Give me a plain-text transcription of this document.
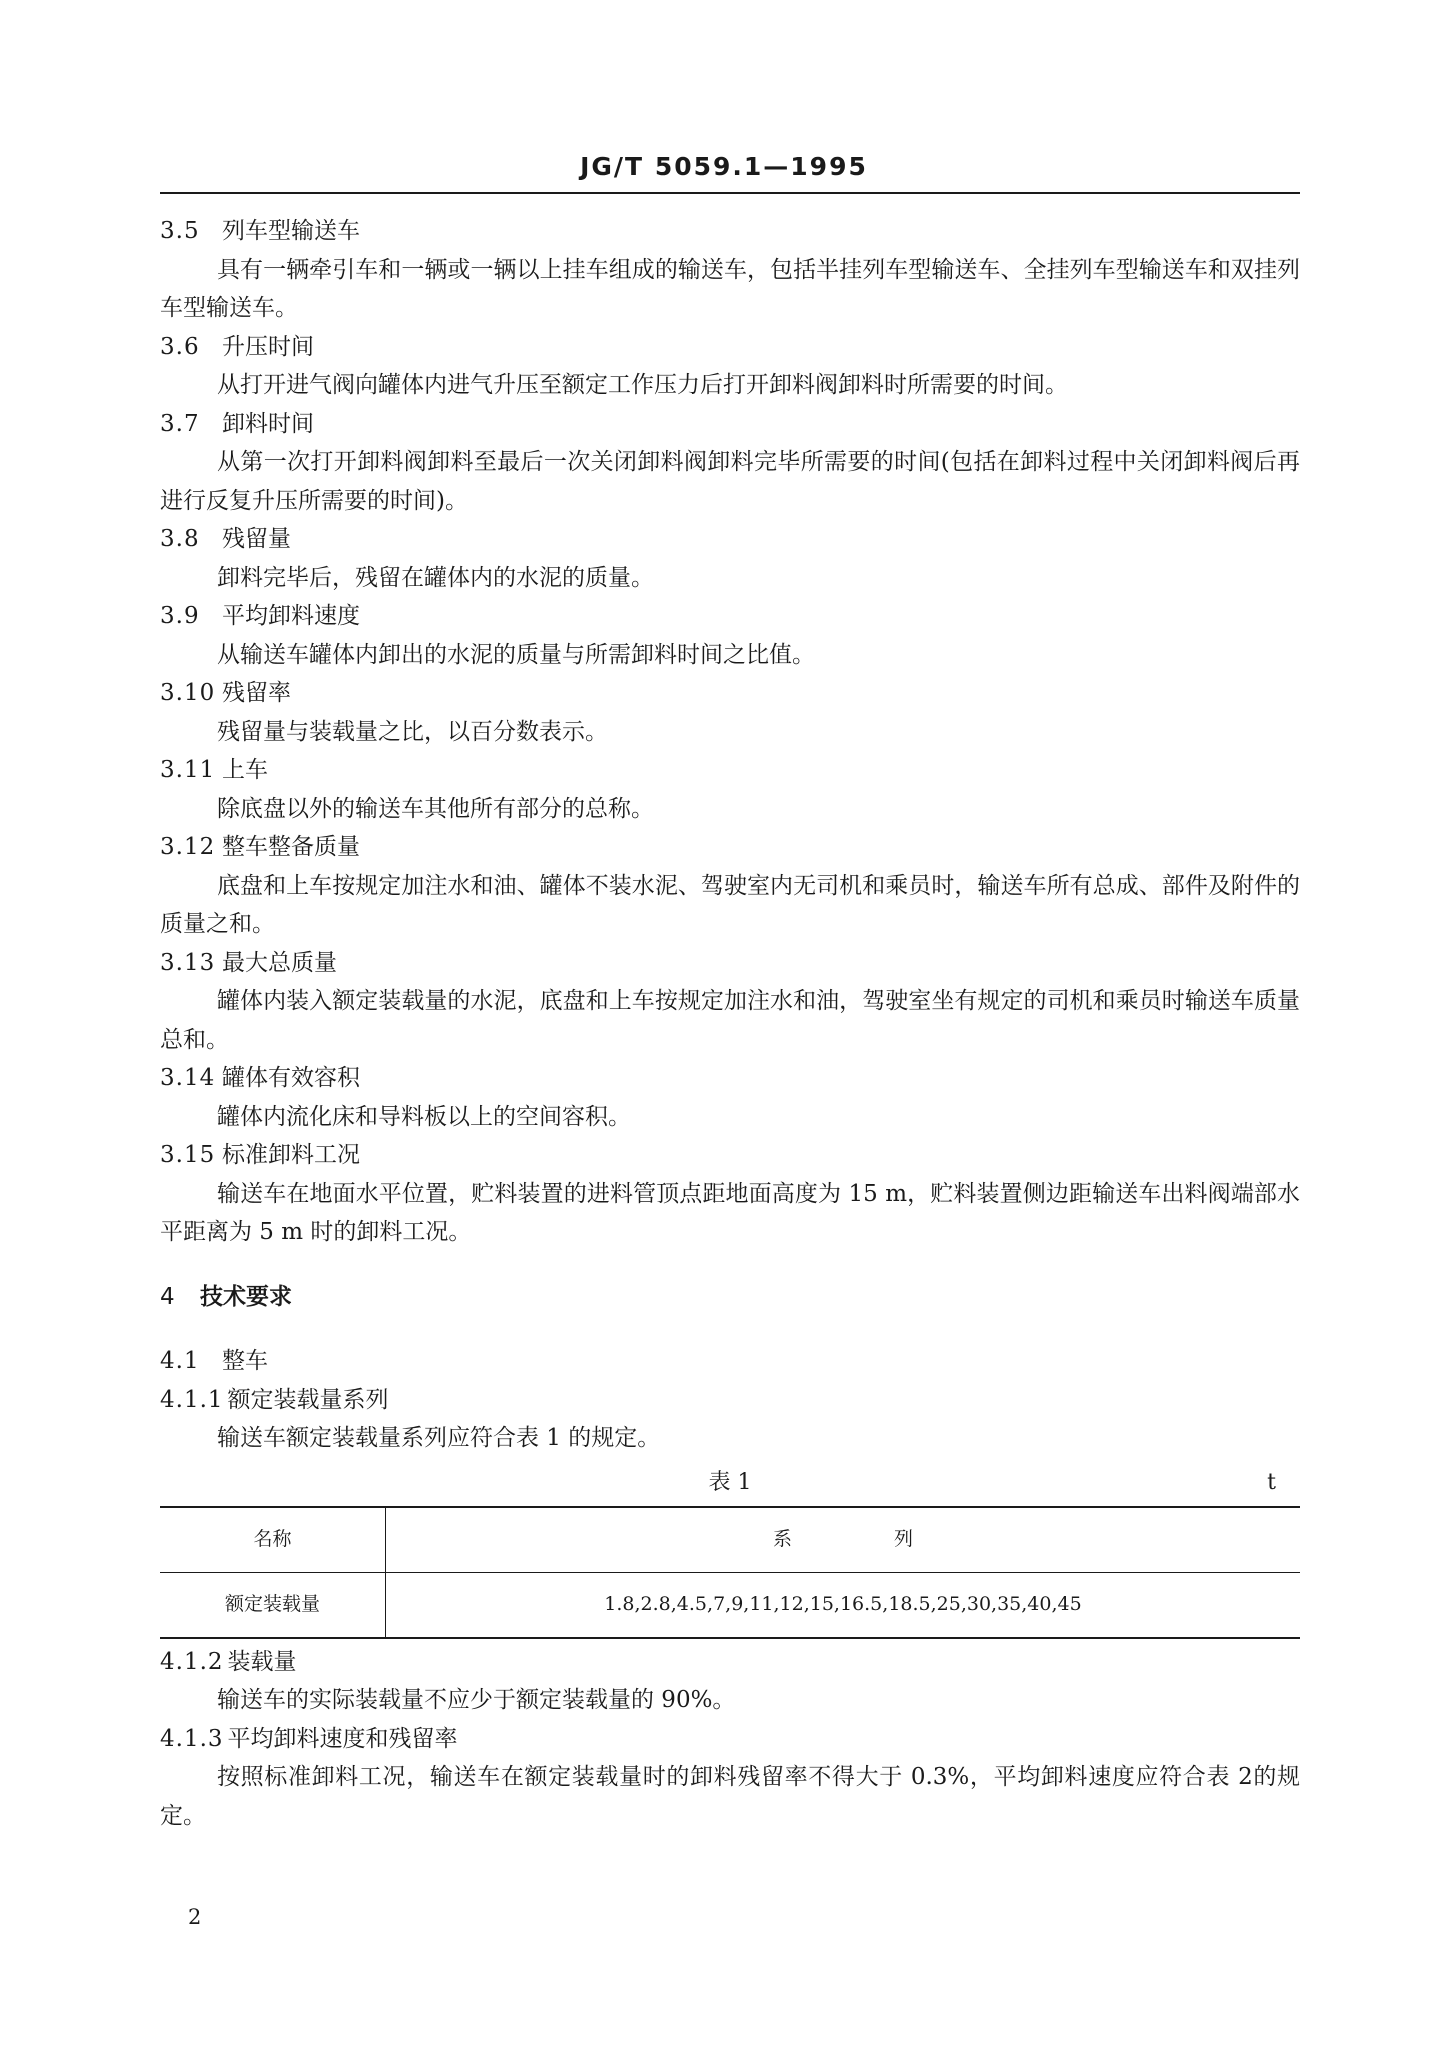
JG/T 5059.1—1995
3.5 列车型输送车
具有一辆牵引车和一辆或一辆以上挂车组成的输送车，包括半挂列车型输送车、全挂列车型输送车和双挂列车型输送车。
3.6 升压时间
从打开进气阀向罐体内进气升压至额定工作压力后打开卸料阀卸料时所需要的时间。
3.7 卸料时间
从第一次打开卸料阀卸料至最后一次关闭卸料阀卸料完毕所需要的时间(包括在卸料过程中关闭卸料阀后再进行反复升压所需要的时间)。
3.8 残留量
卸料完毕后，残留在罐体内的水泥的质量。
3.9 平均卸料速度
从输送车罐体内卸出的水泥的质量与所需卸料时间之比值。
3.10 残留率
残留量与装载量之比，以百分数表示。
3.11 上车
除底盘以外的输送车其他所有部分的总称。
3.12 整车整备质量
底盘和上车按规定加注水和油、罐体不装水泥、驾驶室内无司机和乘员时，输送车所有总成、部件及附件的质量之和。
3.13 最大总质量
罐体内装入额定装载量的水泥，底盘和上车按规定加注水和油，驾驶室坐有规定的司机和乘员时输送车质量总和。
3.14 罐体有效容积
罐体内流化床和导料板以上的空间容积。
3.15 标准卸料工况
输送车在地面水平位置，贮料装置的进料管顶点距地面高度为 15 m，贮料装置侧边距输送车出料阀端部水平距离为 5 m 时的卸料工况。
4 技术要求
4.1 整车
4.1.1 额定装载量系列
输送车额定装载量系列应符合表 1 的规定。
表 1	t
名称	系 列
额定装载量	1.8,2.8,4.5,7,9,11,12,15,16.5,18.5,25,30,35,40,45
4.1.2 装载量
输送车的实际装载量不应少于额定装载量的 90%。
4.1.3 平均卸料速度和残留率
按照标准卸料工况，输送车在额定装载量时的卸料残留率不得大于 0.3%，平均卸料速度应符合表 2的规定。
2
